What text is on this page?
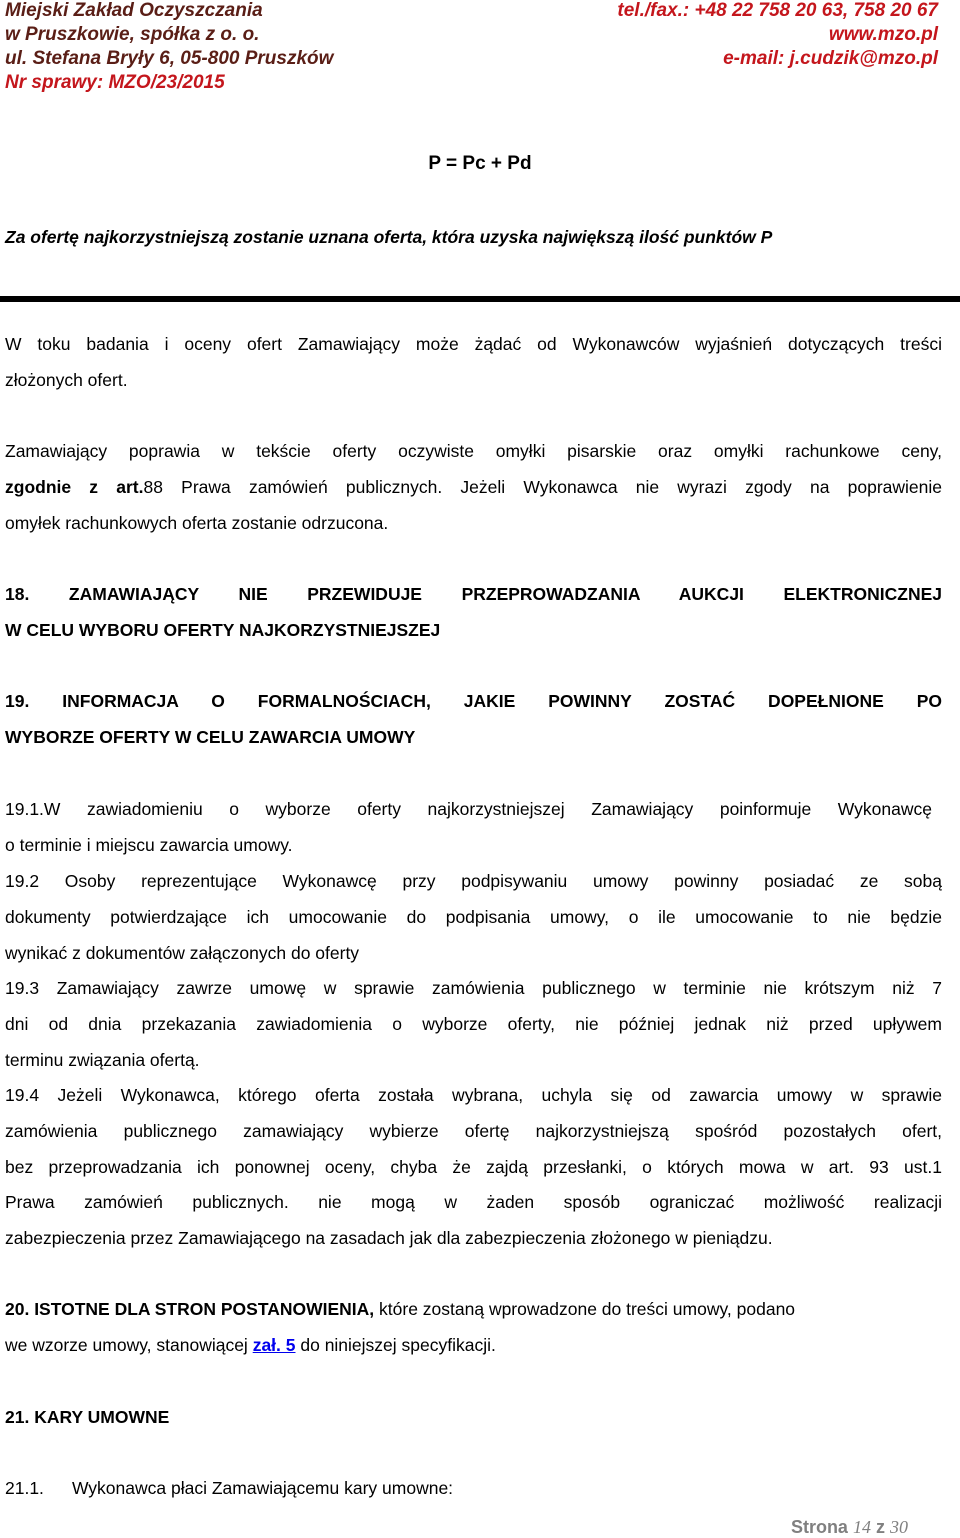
Miejski Zakład Oczyszczania
w Pruszkowie, spółka z o. o.
ul. Stefana Bryły 6, 05-800 Pruszków
Nr sprawy: MZO/23/2015
tel./fax.: +48 22 758 20 63, 758 20 67
www.mzo.pl
e-mail: j.cudzik@mzo.pl
P = Pc + Pd
Za ofertę najkorzystniejszą zostanie uznana oferta, która uzyska największą ilość punktów P
W toku badania i oceny ofert Zamawiający może żądać od Wykonawców wyjaśnień dotyczących treści
złożonych ofert.
Zamawiający poprawia w tekście oferty oczywiste omyłki pisarskie oraz omyłki rachunkowe ceny,
zgodnie z art.88 Prawa zamówień publicznych. Jeżeli Wykonawca nie wyrazi zgody na poprawienie
omyłek rachunkowych oferta zostanie odrzucona.
18. ZAMAWIAJĄCY NIE PRZEWIDUJE PRZEPROWADZANIA AUKCJI ELEKTRONICZNEJ
W CELU WYBORU OFERTY NAJKORZYSTNIEJSZEJ
19. INFORMACJA O FORMALNOŚCIACH, JAKIE POWINNY ZOSTAĆ DOPEŁNIONE PO
WYBORZE OFERTY W CELU ZAWARCIA UMOWY
19.1.W zawiadomieniu o wyborze oferty najkorzystniejszej Zamawiający poinformuje Wykonawcę
o terminie i miejscu zawarcia umowy.
19.2 Osoby reprezentujące Wykonawcę przy podpisywaniu umowy powinny posiadać ze sobą
dokumenty potwierdzające ich umocowanie do podpisania umowy, o ile umocowanie to nie będzie
wynikać z dokumentów załączonych do oferty
19.3 Zamawiający zawrze umowę w sprawie zamówienia publicznego w terminie nie krótszym niż 7
dni od dnia przekazania zawiadomienia o wyborze oferty, nie później jednak niż przed upływem
terminu związania ofertą.
19.4 Jeżeli Wykonawca, którego oferta została wybrana, uchyla się od zawarcia umowy w sprawie
zamówienia publicznego zamawiający wybierze ofertę najkorzystniejszą spośród pozostałych ofert,
bez przeprowadzania ich ponownej oceny, chyba że zajdą przesłanki, o których mowa w art. 93 ust.1
Prawa zamówień publicznych. nie mogą w żaden sposób ograniczać możliwość realizacji
zabezpieczenia przez Zamawiającego na zasadach jak dla zabezpieczenia złożonego w pieniądzu.
20. ISTOTNE DLA STRON POSTANOWIENIA, które zostaną wprowadzone do treści umowy, podano
we wzorze umowy, stanowiącej zał. 5 do niniejszej specyfikacji.
21. KARY UMOWNE
21.1. Wykonawca płaci Zamawiającemu kary umowne:
Strona 14 z 30
